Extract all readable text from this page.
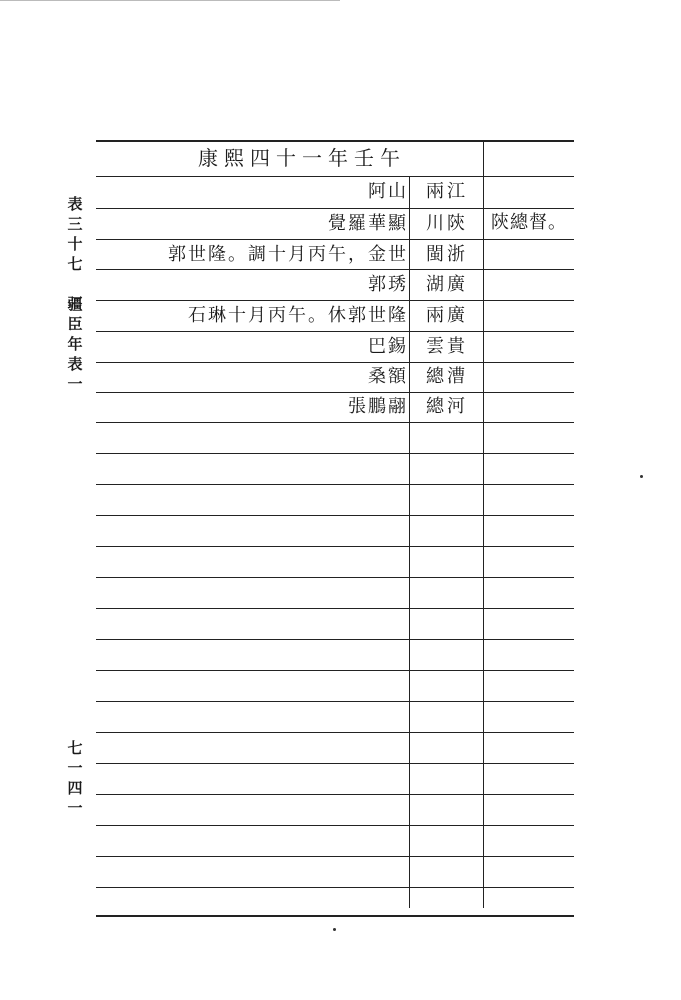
表
三
十
七
疆
臣
年
表
一
七
一
四
一
康熙四十一年壬午
陝總督。
兩江
阿山
川陝
覺羅華顯
閩浙
郭世隆。調十月丙午，金世
湖廣
郭琇
兩廣
石琳十月丙午。休郭世隆
雲貴
巴錫
總漕
桑額
總河
張鵬翮
